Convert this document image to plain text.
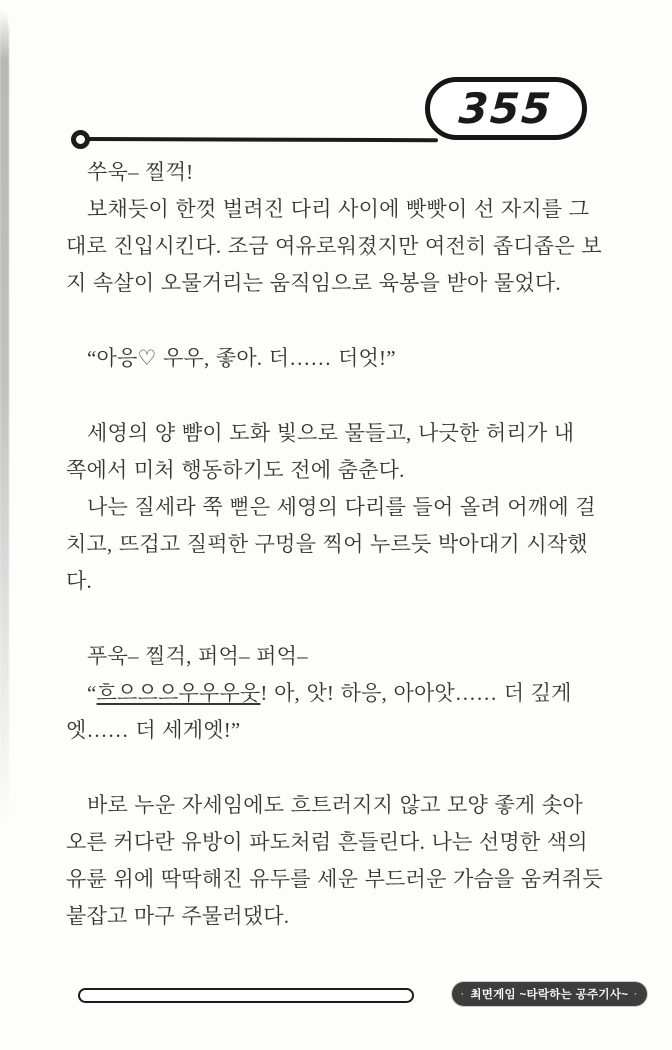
355
쑤욱– 찔꺽!
보채듯이 한껏 벌려진 다리 사이에 빳빳이 선 자지를 그
대로 진입시킨다. 조금 여유로워졌지만 여전히 좁디좁은 보
지 속살이 오물거리는 움직임으로 육봉을 받아 물었다.
“아응♡ 우우, 좋아. 더…… 더엇!”
세영의 양 뺨이 도화 빛으로 물들고, 나긋한 허리가 내
쪽에서 미처 행동하기도 전에 춤춘다.
나는 질세라 쭉 뻗은 세영의 다리를 들어 올려 어깨에 걸
치고, 뜨겁고 질퍽한 구멍을 찍어 누르듯 박아대기 시작했
다.
푸욱– 찔걱, 퍼억– 퍼억–
“흐으으으우우우웃! 아, 앗! 하응, 아아앗…… 더 깊게
엣…… 더 세게엣!”
바로 누운 자세임에도 흐트러지지 않고 모양 좋게 솟아
오른 커다란 유방이 파도처럼 흔들린다. 나는 선명한 색의
유륜 위에 딱딱해진 유두를 세운 부드러운 가슴을 움켜쥐듯
붙잡고 마구 주물러댔다.
· 최면게임 ~타락하는 공주기사~ ·
